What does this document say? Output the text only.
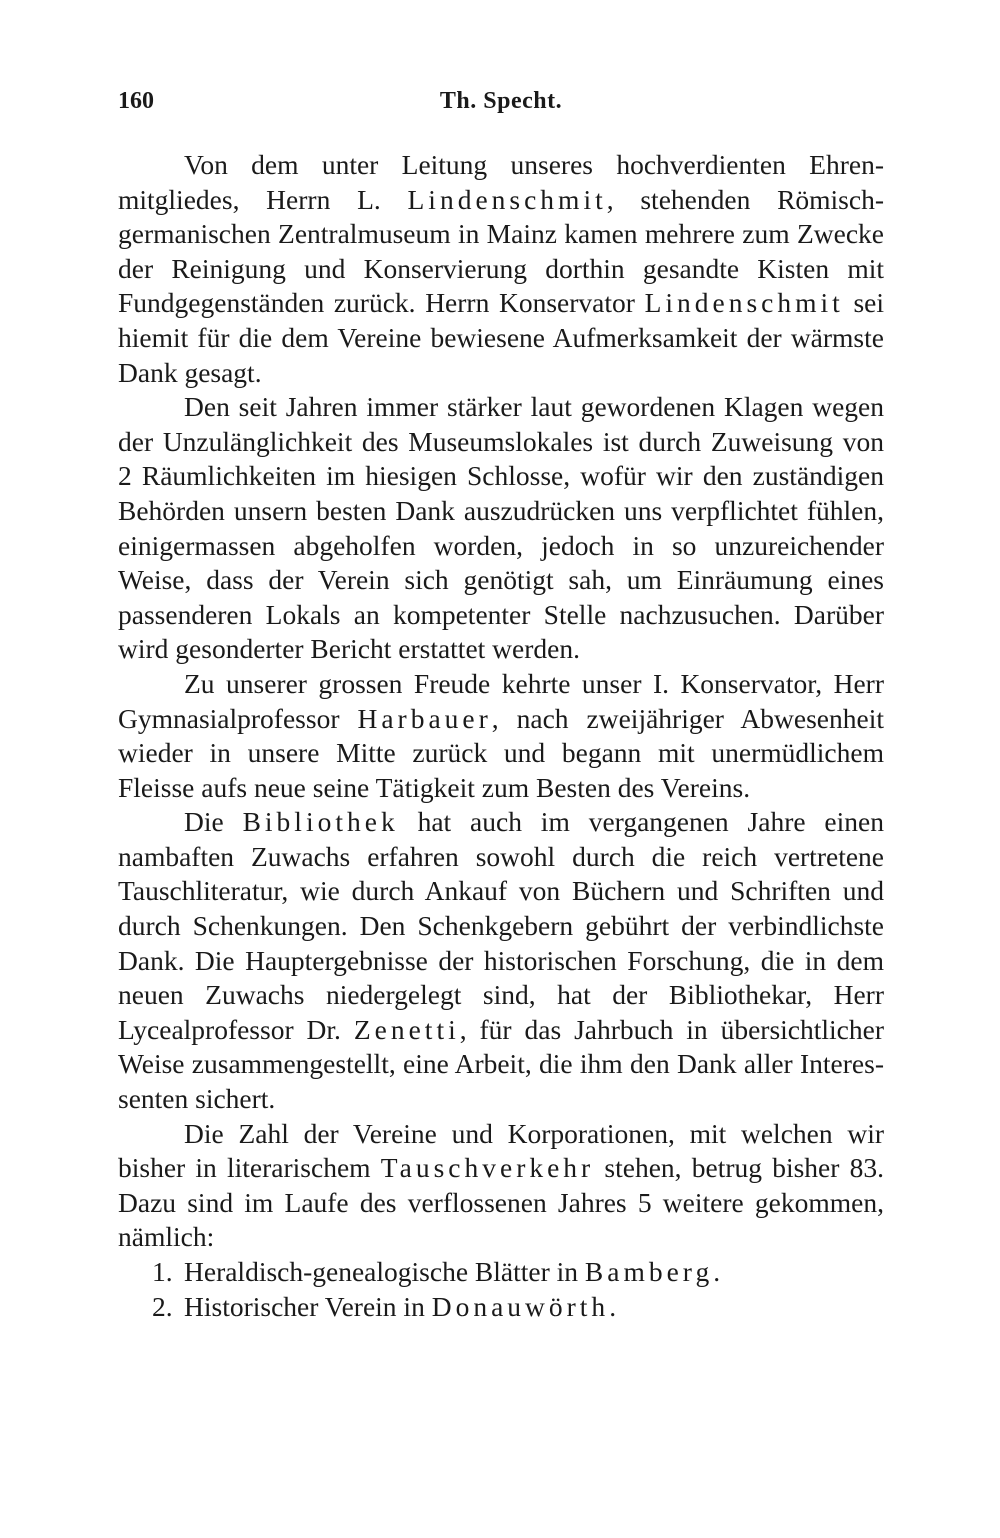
160	Th. Specht.

Von dem unter Leitung unseres hochverdienten Ehrenmitgliedes, Herrn L. Lindenschmit, stehenden Römisch-germanischen Zentralmuseum in Mainz kamen mehrere zum Zwecke der Reinigung und Konservierung dorthin gesandte Kisten mit Fundgegenständen zurück. Herrn Konservator Lindenschmit sei hiemit für die dem Vereine bewiesene Aufmerksamkeit der wärmste Dank gesagt.

Den seit Jahren immer stärker laut gewordenen Klagen wegen der Unzulänglichkeit des Museumslokales ist durch Zuweisung von 2 Räumlichkeiten im hiesigen Schlosse, wofür wir den zuständigen Behörden unsern besten Dank auszudrücken uns verpflichtet fühlen, einigermassen abgeholfen worden, jedoch in so unzureichender Weise, dass der Verein sich genötigt sah, um Einräumung eines passenderen Lokals an kompetenter Stelle nachzusuchen. Darüber wird gesonderter Bericht erstattet werden.

Zu unserer grossen Freude kehrte unser I. Konservator, Herr Gymnasialprofessor Harbauer, nach zweijähriger Abwesenheit wieder in unsere Mitte zurück und begann mit unermüdlichem Fleisse aufs neue seine Tätigkeit zum Besten des Vereins.

Die Bibliothek hat auch im vergangenen Jahre einen nambaften Zuwachs erfahren sowohl durch die reich vertretene Tauschliteratur, wie durch Ankauf von Büchern und Schriften und durch Schenkungen. Den Schenkgebern gebührt der verbindlichste Dank. Die Hauptergebnisse der historischen Forschung, die in dem neuen Zuwachs niedergelegt sind, hat der Bibliothekar, Herr Lycealprofessor Dr. Zenetti, für das Jahrbuch in übersichtlicher Weise zusammengestellt, eine Arbeit, die ihm den Dank aller Interessenten sichert.

Die Zahl der Vereine und Korporationen, mit welchen wir bisher in literarischem Tauschverkehr stehen, betrug bisher 83. Dazu sind im Laufe des verflossenen Jahres 5 weitere gekommen, nämlich:

1. Heraldisch-genealogische Blätter in Bamberg.
2. Historischer Verein in Donauwörth.
